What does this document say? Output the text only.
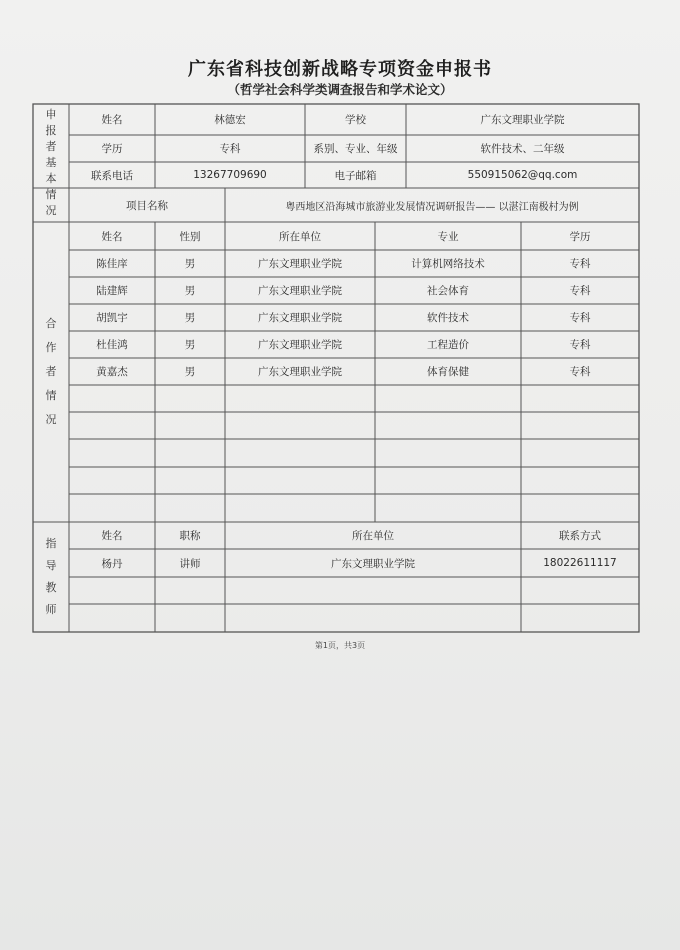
广东省科技创新战略专项资金申报书
（哲学社会科学类调查报告和学术论文）
申
报
者
基
本
情
况
合
作
者
情
况
指
导
教
师
姓名	林德宏	学校	广东文理职业学院
学历	专科	系别、专业、年级	软件技术、二年级
联系电话	13267709690	电子邮箱	550915062@qq.com
项目名称	粤西地区沿海城市旅游业发展情况调研报告—— 以湛江南极村为例
姓名	性别	所在单位	专业	学历
陈佳庠	男	广东文理职业学院	计算机网络技术	专科
陆建辉	男	广东文理职业学院	社会体育	专科
胡凯宇	男	广东文理职业学院	软件技术	专科
杜佳鸿	男	广东文理职业学院	工程造价	专科
黄嘉杰	男	广东文理职业学院	体育保健	专科
姓名	职称	所在单位	联系方式
杨丹	讲师	广东文理职业学院	18022611117
第1页，共3页
